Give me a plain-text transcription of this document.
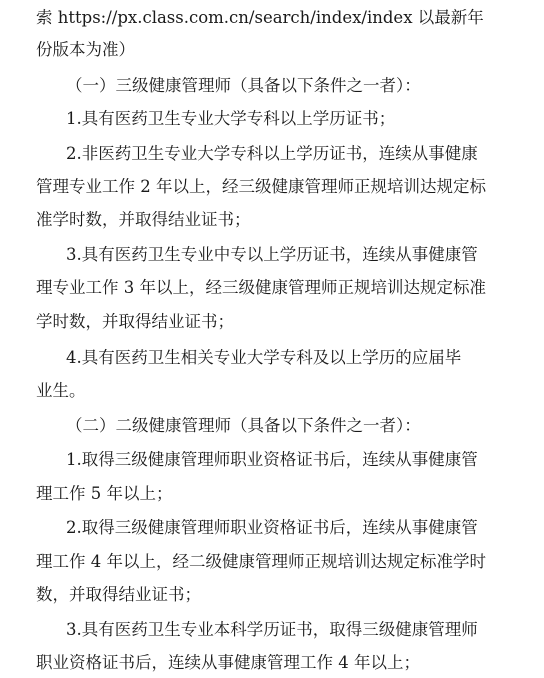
索 https://px.class.com.cn/search/index/index 以最新年
份版本为准）
（一）三级健康管理师（具备以下条件之一者）：
1.具有医药卫生专业大学专科以上学历证书；
2.非医药卫生专业大学专科以上学历证书，连续从事健康
管理专业工作 2 年以上，经三级健康管理师正规培训达规定标
准学时数，并取得结业证书；
3.具有医药卫生专业中专以上学历证书，连续从事健康管
理专业工作 3 年以上，经三级健康管理师正规培训达规定标准
学时数，并取得结业证书；
4.具有医药卫生相关专业大学专科及以上学历的应届毕
业生。
（二）二级健康管理师（具备以下条件之一者）：
1.取得三级健康管理师职业资格证书后，连续从事健康管
理工作 5 年以上；
2.取得三级健康管理师职业资格证书后，连续从事健康管
理工作 4 年以上，经二级健康管理师正规培训达规定标准学时
数，并取得结业证书；
3.具有医药卫生专业本科学历证书，取得三级健康管理师
职业资格证书后，连续从事健康管理工作 4 年以上；
